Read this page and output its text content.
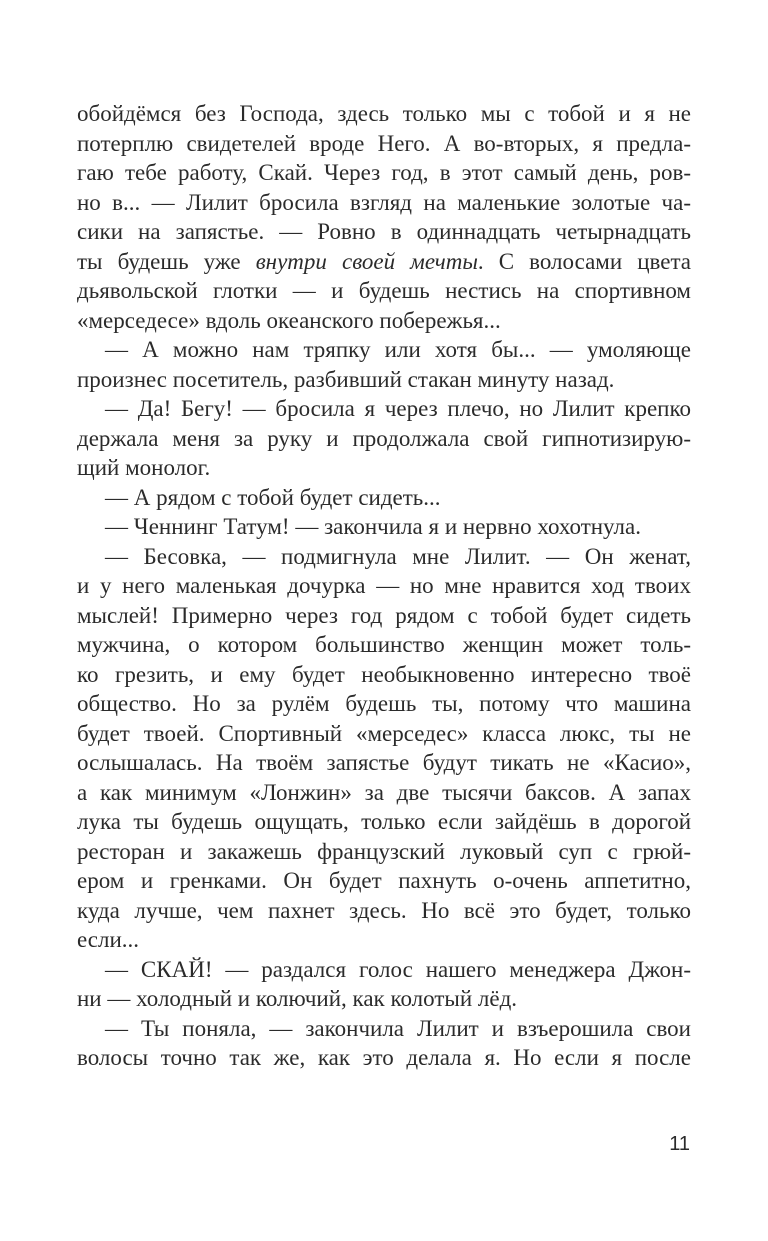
обойдёмся без Господа, здесь только мы с тобой и я не
потерплю свидетелей вроде Него. А во-вторых, я предла-
гаю тебе работу, Скай. Через год, в этот самый день, ров-
но в... — Лилит бросила взгляд на маленькие золотые ча-
сики на запястье. — Ровно в одиннадцать четырнадцать
ты будешь уже внутри своей мечты. С волосами цвета
дьявольской глотки — и будешь нестись на спортивном
«мерседесе» вдоль океанского побережья...
— А можно нам тряпку или хотя бы... — умоляюще
произнес посетитель, разбивший стакан минуту назад.
— Да! Бегу! — бросила я через плечо, но Лилит крепко
держала меня за руку и продолжала свой гипнотизирую-
щий монолог.
— А рядом с тобой будет сидеть...
— Ченнинг Татум! — закончила я и нервно хохотнула.
— Бесовка, — подмигнула мне Лилит. — Он женат,
и у него маленькая дочурка — но мне нравится ход твоих
мыслей! Примерно через год рядом с тобой будет сидеть
мужчина, о котором большинство женщин может толь-
ко грезить, и ему будет необыкновенно интересно твоё
общество. Но за рулём будешь ты, потому что машина
будет твоей. Спортивный «мерседес» класса люкс, ты не
ослышалась. На твоём запястье будут тикать не «Касио»,
а как минимум «Лонжин» за две тысячи баксов. А запах
лука ты будешь ощущать, только если зайдёшь в дорогой
ресторан и закажешь французский луковый суп с грюй-
ером и гренками. Он будет пахнуть о-очень аппетитно,
куда лучше, чем пахнет здесь. Но всё это будет, только
если...
— СКАЙ! — раздался голос нашего менеджера Джон-
ни — холодный и колючий, как колотый лёд.
— Ты поняла, — закончила Лилит и взъерошила свои
волосы точно так же, как это делала я. Но если я после
11
